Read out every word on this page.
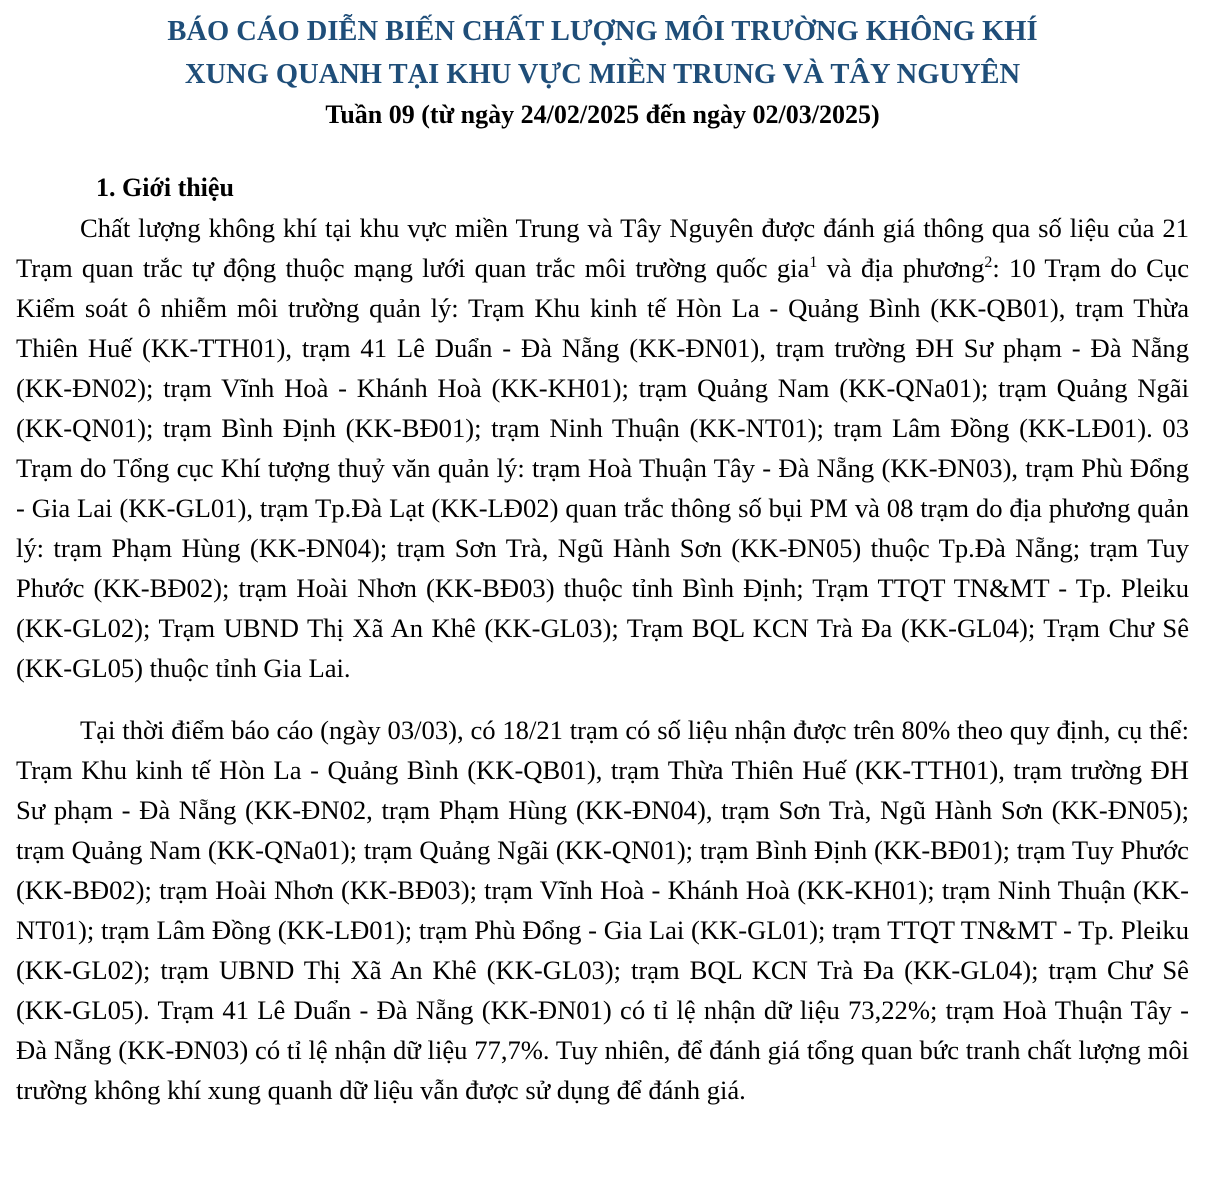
BÁO CÁO DIỄN BIẾN CHẤT LƯỢNG MÔI TRƯỜNG KHÔNG KHÍ
XUNG QUANH TẠI KHU VỰC MIỀN TRUNG VÀ TÂY NGUYÊN

Tuần 09 (từ ngày 24/02/2025 đến ngày 02/03/2025)

1. Giới thiệu

Chất lượng không khí tại khu vực miền Trung và Tây Nguyên được đánh giá thông qua số liệu của 21 Trạm quan trắc tự động thuộc mạng lưới quan trắc môi trường quốc gia$^1$ và địa phương$^2$: 10 Trạm do Cục Kiểm soát ô nhiễm môi trường quản lý: Trạm Khu kinh tế Hòn La - Quảng Bình (KK-QB01), trạm Thừa Thiên Huế (KK-TTH01), trạm 41 Lê Duẩn - Đà Nẵng (KK-ĐN01), trạm trường ĐH Sư phạm - Đà Nẵng (KK-ĐN02); trạm Vĩnh Hoà - Khánh Hoà (KK-KH01); trạm Quảng Nam (KK-QNa01); trạm Quảng Ngãi (KK-QN01); trạm Bình Định (KK-BĐ01); trạm Ninh Thuận (KK-NT01); trạm Lâm Đồng (KK-LĐ01). 03 Trạm do Tổng cục Khí tượng thuỷ văn quản lý: trạm Hoà Thuận Tây - Đà Nẵng (KK-ĐN03), trạm Phù Đổng - Gia Lai (KK-GL01), trạm Tp.Đà Lạt (KK-LĐ02) quan trắc thông số bụi PM và 08 trạm do địa phương quản lý: trạm Phạm Hùng (KK-ĐN04); trạm Sơn Trà, Ngũ Hành Sơn (KK-ĐN05) thuộc Tp.Đà Nẵng; trạm Tuy Phước (KK-BĐ02); trạm Hoài Nhơn (KK-BĐ03) thuộc tỉnh Bình Định; Trạm TTQT TN&MT - Tp. Pleiku (KK-GL02); Trạm UBND Thị Xã An Khê (KK-GL03); Trạm BQL KCN Trà Đa (KK-GL04); Trạm Chư Sê (KK-GL05) thuộc tỉnh Gia Lai.

Tại thời điểm báo cáo (ngày 03/03), có 18/21 trạm có số liệu nhận được trên 80% theo quy định, cụ thể: Trạm Khu kinh tế Hòn La - Quảng Bình (KK-QB01), trạm Thừa Thiên Huế (KK-TTH01), trạm trường ĐH Sư phạm - Đà Nẵng (KK-ĐN02, trạm Phạm Hùng (KK-ĐN04), trạm Sơn Trà, Ngũ Hành Sơn (KK-ĐN05); trạm Quảng Nam (KK-QNa01); trạm Quảng Ngãi (KK-QN01); trạm Bình Định (KK-BĐ01); trạm Tuy Phước (KK-BĐ02); trạm Hoài Nhơn (KK-BĐ03); trạm Vĩnh Hoà - Khánh Hoà (KK-KH01); trạm Ninh Thuận (KK-NT01); trạm Lâm Đồng (KK-LĐ01); trạm Phù Đổng - Gia Lai (KK-GL01); trạm TTQT TN&MT - Tp. Pleiku (KK-GL02); trạm UBND Thị Xã An Khê (KK-GL03); trạm BQL KCN Trà Đa (KK-GL04); trạm Chư Sê (KK-GL05). Trạm 41 Lê Duẩn - Đà Nẵng (KK-ĐN01) có tỉ lệ nhận dữ liệu 73,22%; trạm Hoà Thuận Tây - Đà Nẵng (KK-ĐN03) có tỉ lệ nhận dữ liệu 77,7%. Tuy nhiên, để đánh giá tổng quan bức tranh chất lượng môi trường không khí xung quanh dữ liệu vẫn được sử dụng để đánh giá.
